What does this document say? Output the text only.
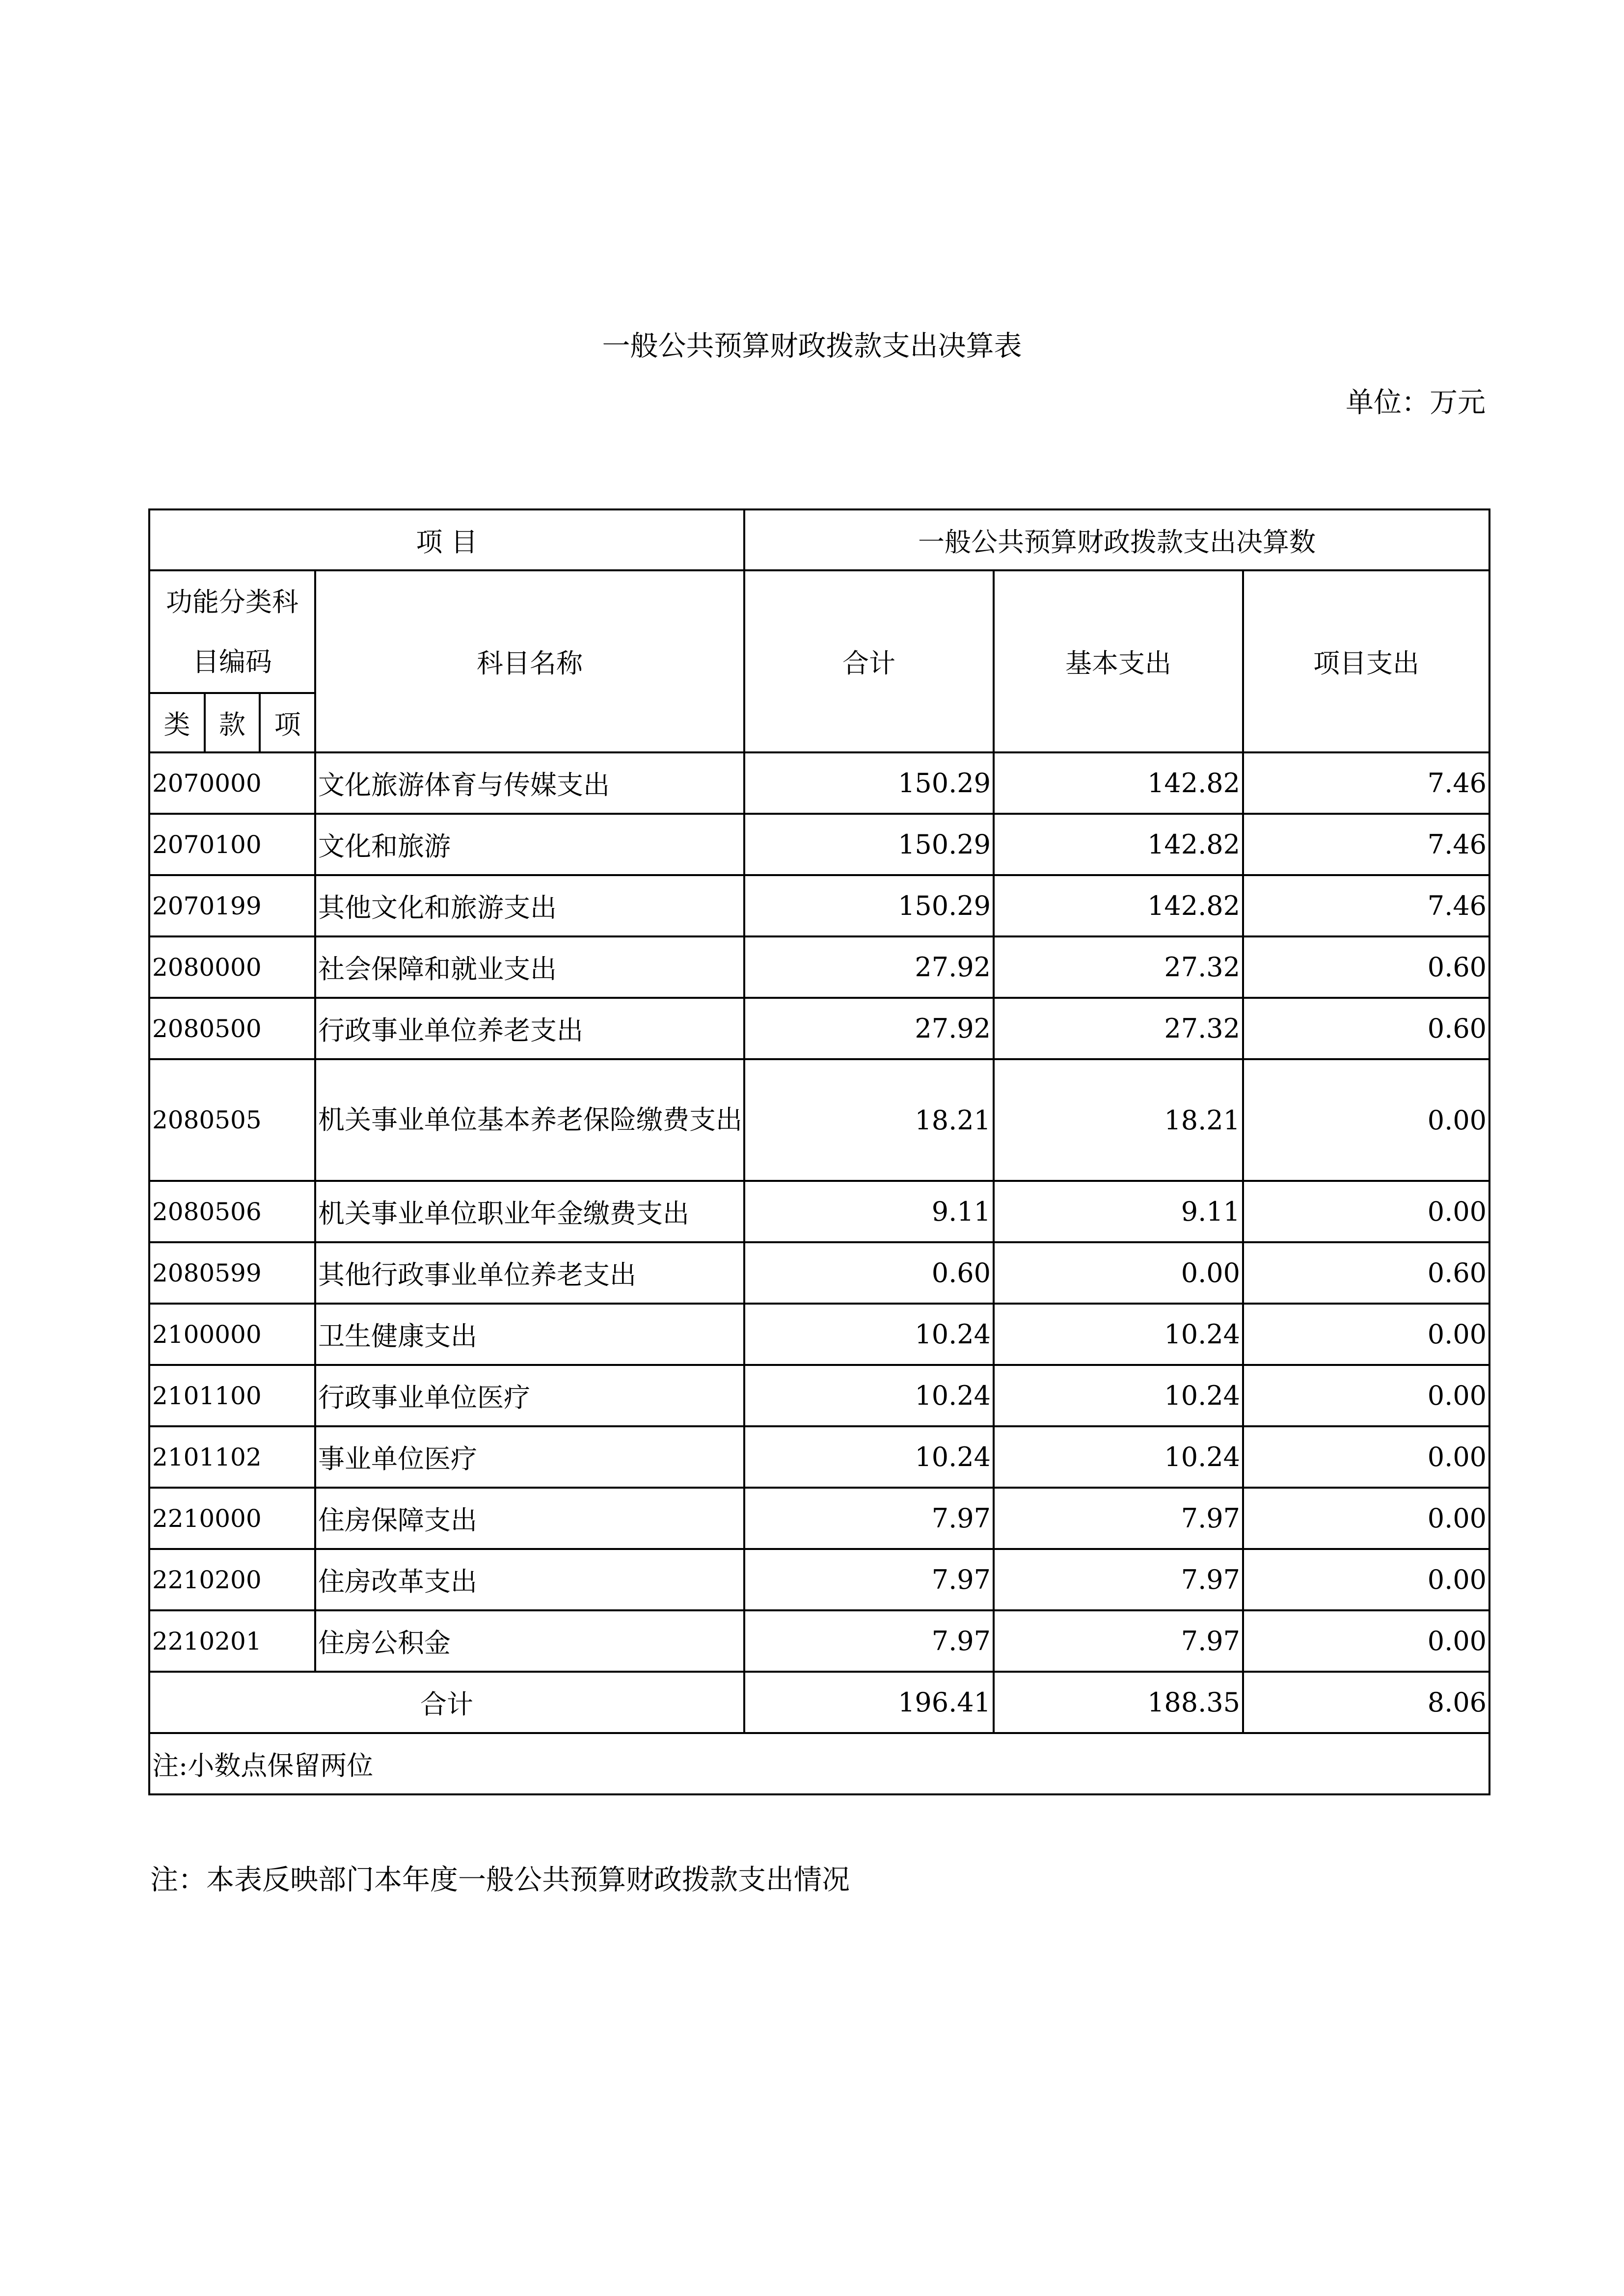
一般公共预算财政拨款支出决算表
单位：万元
项 目		一般公共预算财政拨款支出决算数		

功能分类科
目编码
类 款 项	科目名称	合计	基本支出	项目支出
2070000	文化旅游体育与传媒支出	150.29	142.82	7.46
2070100	文化和旅游	150.29	142.82	7.46
2070199	其他文化和旅游支出	150.29	142.82	7.46
2080000	社会保障和就业支出	27.92	27.32	0.60
2080500	行政事业单位养老支出	27.92	27.32	0.60
2080505	机关事业单位基本养老保险缴费支出	18.21	18.21	0.00
2080506	机关事业单位职业年金缴费支出	9.11	9.11	0.00
2080599	其他行政事业单位养老支出	0.60	0.00	0.60
2100000	卫生健康支出	10.24	10.24	0.00
2101100	行政事业单位医疗	10.24	10.24	0.00
2101102	事业单位医疗	10.24	10.24	0.00
2210000	住房保障支出	7.97	7.97	0.00
2210200	住房改革支出	7.97	7.97	0.00
2210201	住房公积金	7.97	7.97	0.00
合计		196.41	188.35	8.06
注:小数点保留两位				
注：本表反映部门本年度一般公共预算财政拨款支出情况
